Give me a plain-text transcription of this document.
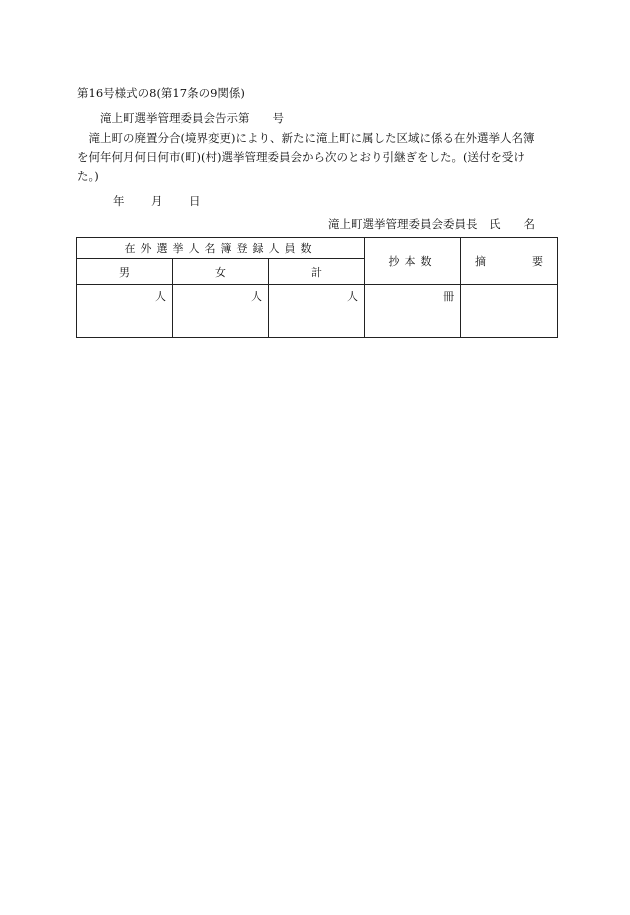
第16号様式の8(第17条の9関係)
滝上町選挙管理委員会告示第　　号
　滝上町の廃置分合(境界変更)により、新たに滝上町に属した区域に係る在外選挙人名簿
を何年何月何日何市(町)(村)選挙管理委員会から次のとおり引継ぎをした。(送付を受け
た。)
年 月 日
滝上町選挙管理委員会委員長　氏　　名
在外選挙人名簿登録人員数			抄本数	摘 要
男	女	計		
人	人	人	冊	
